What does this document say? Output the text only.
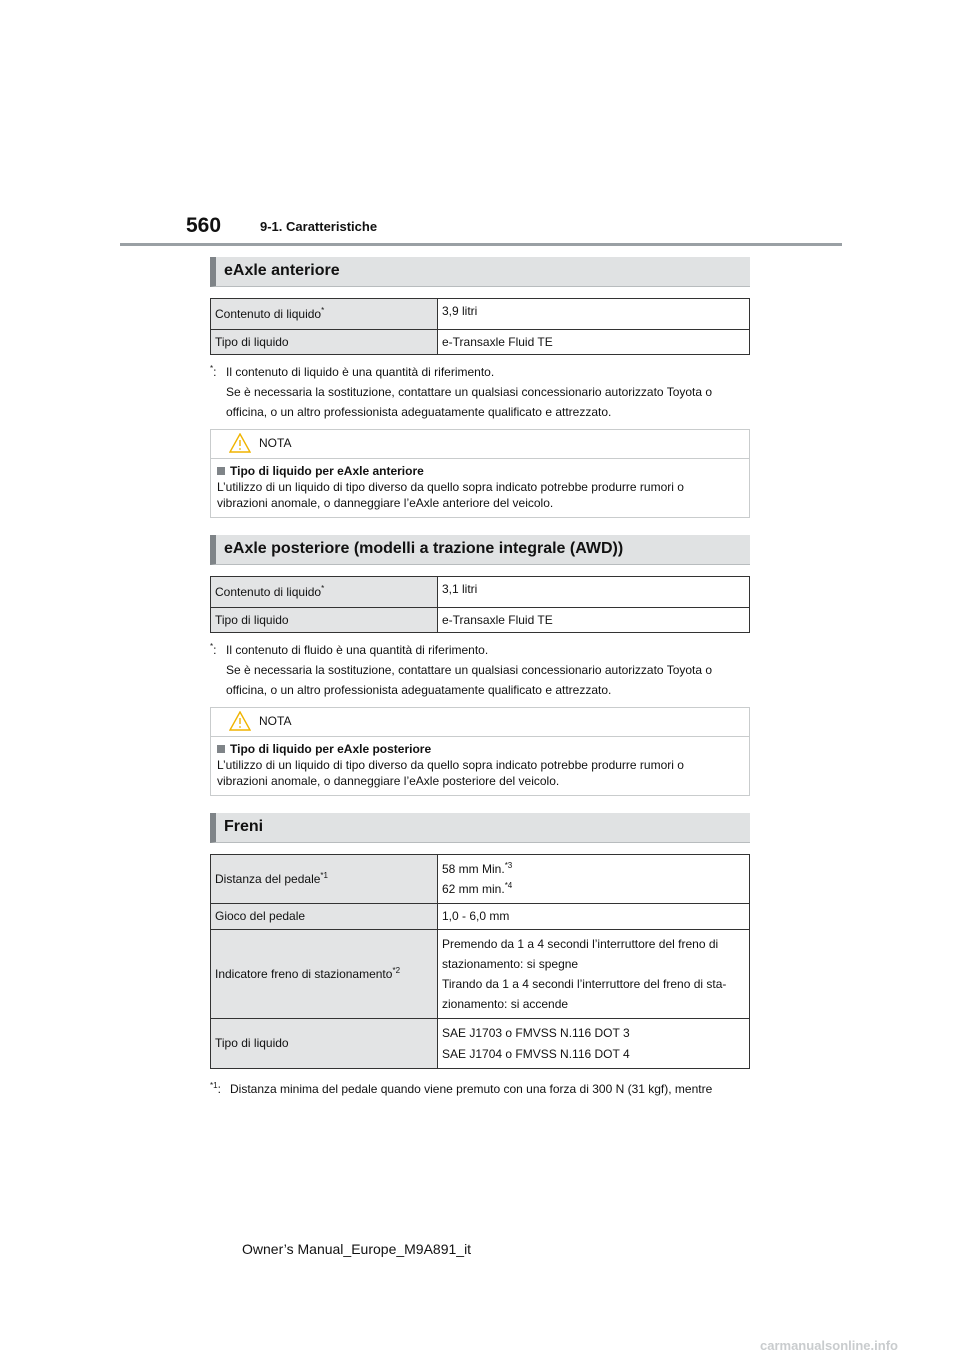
560	9-1. Caratteristiche
eAxle anteriore
Contenuto di liquido*	3,9 litri
Tipo di liquido	e-Transaxle Fluid TE
*: Il contenuto di liquido è una quantità di riferimento.
Se è necessaria la sostituzione, contattare un qualsiasi concessionario autorizzato Toyota o
officina, o un altro professionista adeguatamente qualificato e attrezzato.
NOTA
Tipo di liquido per eAxle anteriore
L’utilizzo di un liquido di tipo diverso da quello sopra indicato potrebbe produrre rumori o
vibrazioni anomale, o danneggiare l’eAxle anteriore del veicolo.
eAxle posteriore (modelli a trazione integrale (AWD))
Contenuto di liquido*	3,1 litri
Tipo di liquido	e-Transaxle Fluid TE
*: Il contenuto di fluido è una quantità di riferimento.
Se è necessaria la sostituzione, contattare un qualsiasi concessionario autorizzato Toyota o
officina, o un altro professionista adeguatamente qualificato e attrezzato.
NOTA
Tipo di liquido per eAxle posteriore
L’utilizzo di un liquido di tipo diverso da quello sopra indicato potrebbe produrre rumori o
vibrazioni anomale, o danneggiare l’eAxle posteriore del veicolo.
Freni
Distanza del pedale$^{*1}$	58 mm Min.$^{*3}$

62 mm min.$^{*4}$

Gioco del pedale	1,0 - 6,0 mm
Indicatore freno di stazionamento$^{*2}$	Premendo da 1 a 4 secondi l’interruttore del freno di

stazionamento: si spegne

Tirando da 1 a 4 secondi l’interruttore del freno di sta-

zionamento: si accende

Tipo di liquido	SAE J1703 o FMVSS N.116 DOT 3

SAE J1704 o FMVSS N.116 DOT 4

$^{*1}$: Distanza minima del pedale quando viene premuto con una forza di 300 N (31 kgf), mentre
Owner’s Manual_Europe_M9A891_it
carmanualsonline.info
